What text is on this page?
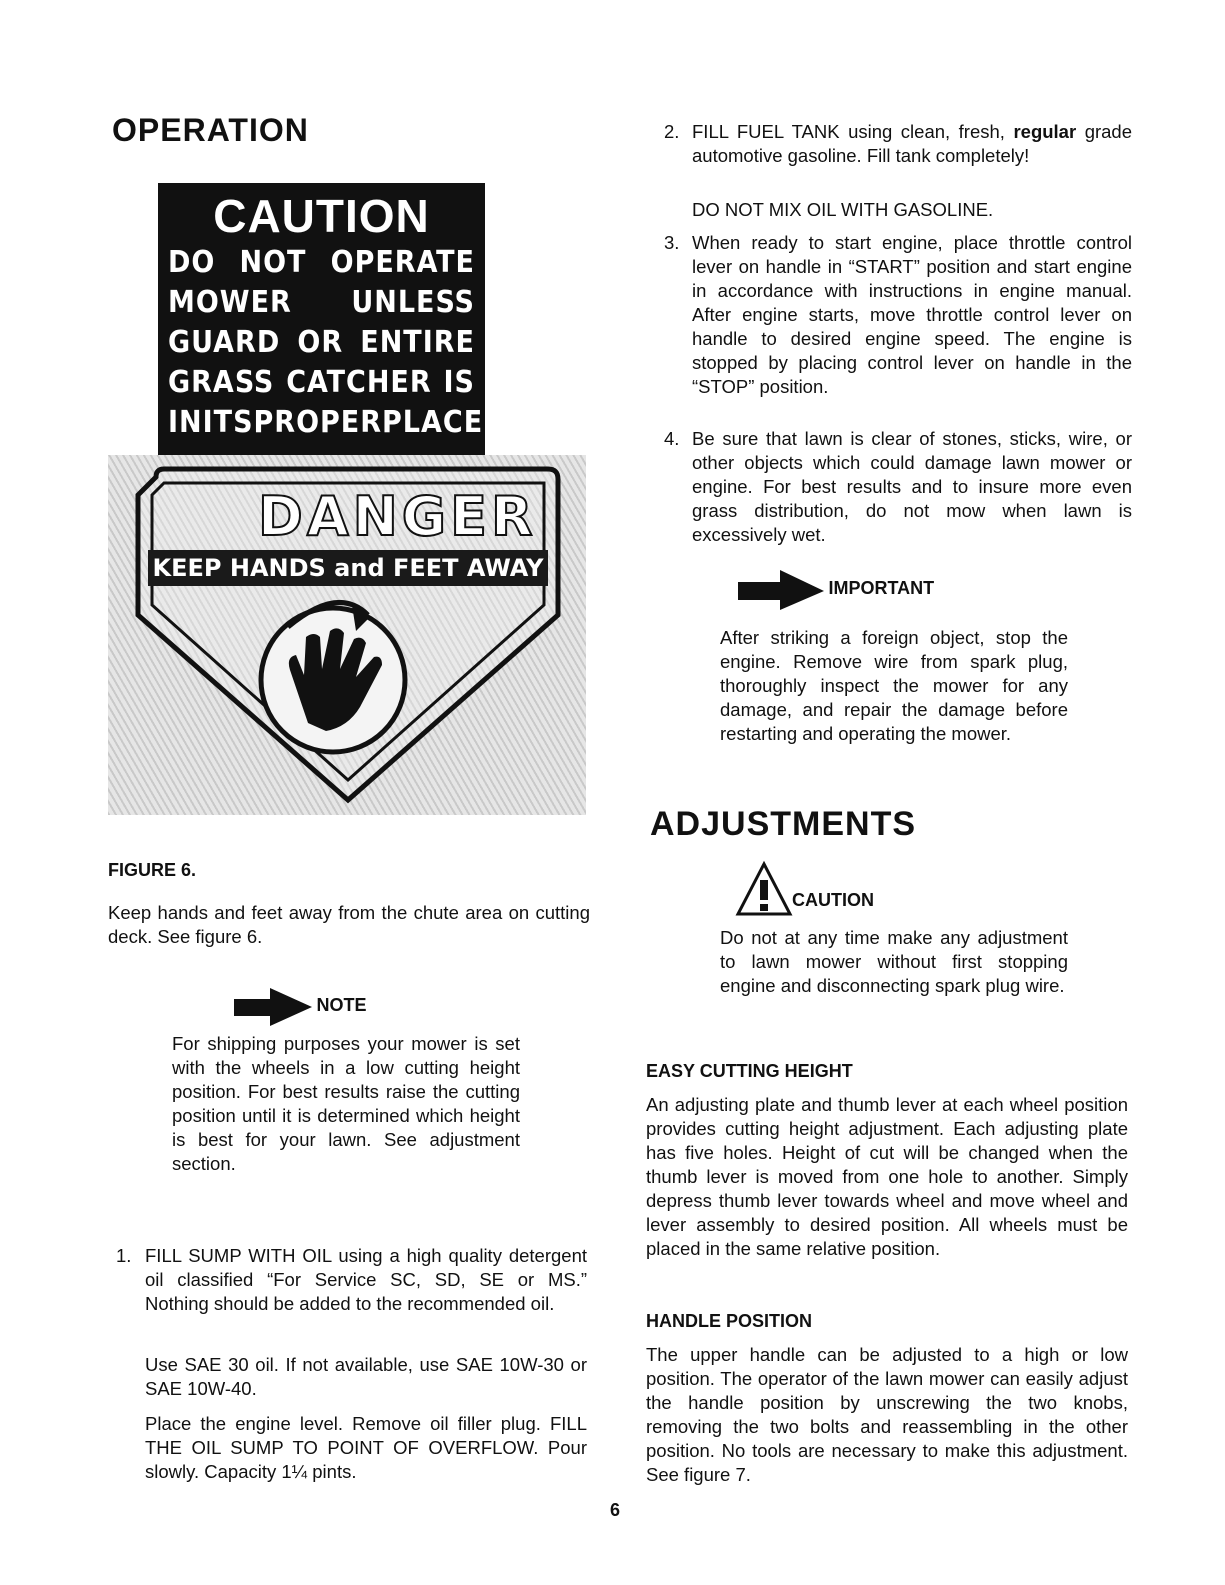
OPERATION
CAUTION
DO NOT OPERATE
MOWER UNLESS
GUARD OR ENTIRE
GRASS CATCHER IS
IN ITS PROPER PLACE.
DANGER
KEEP HANDS and FEET AWAY
FIGURE 6.
Keep hands and feet away from the chute area on cutting deck. See figure 6.
NOTE
For shipping purposes your mower is set with the wheels in a low cutting height position. For best results raise the cutting position until it is determined which height is best for your lawn. See adjustment section.
1. FILL SUMP WITH OIL using a high quality detergent oil classified “For Service SC, SD, SE or MS.” Nothing should be added to the recommended oil.
Use SAE 30 oil. If not available, use SAE 10W-30 or SAE 10W-40.
Place the engine level. Remove oil filler plug. FILL THE OIL SUMP TO POINT OF OVERFLOW. Pour slowly. Capacity 1¼ pints.
2. FILL FUEL TANK using clean, fresh, regular grade automotive gasoline. Fill tank completely!
DO NOT MIX OIL WITH GASOLINE.
3. When ready to start engine, place throttle control lever on handle in “START” position and start engine in accordance with instructions in engine manual. After engine starts, move throttle control lever on handle to desired engine speed. The engine is stopped by placing control lever on handle in the “STOP” position.
4. Be sure that lawn is clear of stones, sticks, wire, or other objects which could damage lawn mower or engine. For best results and to insure more even grass distribution, do not mow when lawn is excessively wet.
IMPORTANT
After striking a foreign object, stop the engine. Remove wire from spark plug, thoroughly inspect the mower for any damage, and repair the damage before restarting and operating the mower.
ADJUSTMENTS
CAUTION
Do not at any time make any adjustment to lawn mower without first stopping engine and disconnecting spark plug wire.
EASY CUTTING HEIGHT
An adjusting plate and thumb lever at each wheel position provides cutting height adjustment. Each adjusting plate has five holes. Height of cut will be changed when the thumb lever is moved from one hole to another. Simply depress thumb lever towards wheel and move wheel and lever assembly to desired position. All wheels must be placed in the same relative position.
HANDLE POSITION
The upper handle can be adjusted to a high or low position. The operator of the lawn mower can easily adjust the handle position by unscrewing the two knobs, removing the two bolts and reassembling in the other position. No tools are necessary to make this adjustment. See figure 7.
6
